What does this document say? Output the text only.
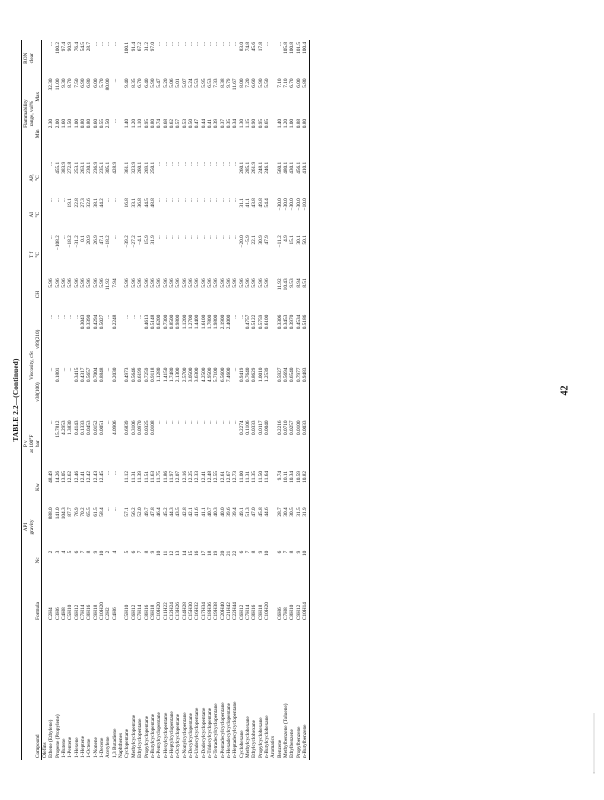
TABLE 2.2—(Continued)

			API		P v								Flammability		RON
			gravity		at 100°F	Viscosity, cSt			T f	AI	AP,		range, vol%		clear
Compound	Formula	Nc		Kw	bar	ν38(100)	ν99(210)	CH	°C	°C	°C		Min	Max	
Olefins															
Ethene (Ethylene)	C2H4	2	888.0	48.49	...	...	...	5.96	...	...	...		2.30	32.30	...
Propene (Propylene)	C3H6	3	141.0	14.26	15.7812	0.1801	...	5.96	−108.2	...	455.1		2.00	11.00	100.2
1-Butene	C4H8	4	104.3	13.05	4.2953	...	...	5.96	...	...	383.9		1.60	9.30	97.4
1-Pentene	C5H10	5	87.7	12.62	1.3830	...	...	5.96	−18.2	19.1	272.8		1.50	8.70	90.9
1-Hexene	C6H12	6	76.9	12.46	0.4143	0.3415	...	5.96	−31.2	22.8	253.1		1.00	7.50	76.4
1-Heptene	C7H14	7	70.2	12.41	0.1333	0.4317	0.3043	5.96	0.1	27.3	263.1		0.80	6.90	54.5
1-Octene	C8H16	8	65.5	12.42	0.0453	0.5657	0.3390	5.96	20.9	32.6	230.1		0.80	6.80	28.7
1-Nonene	C9H18	9	61.5	12.43	0.0152	0.7004	0.4294	5.96	26.9	38.1	236.9		0.60	6.00	...
1-Decene	C10H20	10	58.4	12.45	0.0051	0.8848	0.5027	5.96	47.1	44.2	235.1		0.55	5.70	...
Acetylene	C2H2	2	...	...	...	...	...	11.92	−18.2	...	305.1		2.50	80.00	...
1,3 Butadiene	C4H6	4	...	...	4.0906	0.2030	0.2248	7.94	...	...	428.9		...	...	...
Naphthenes															
Cyclopentane	C5H10	5	57.1	11.12	0.6839	0.4973	...	5.96	−39.2	16.8	361.1		1.40	9.40	100.1
Methylcyclopentane	C6H12	6	56.2	11.31	0.3106	0.5646	...	5.96	−27.2	33.1	323.9		1.20	8.35	91.4
Ethylcyclopentane	C7H14	7	52.0	11.39	0.0970	0.6199	...	5.96	−4.1	36.8	260.1		1.10	6.70	67.2
Propylcyclopentane	C8H16	8	49.7	11.51	0.0325	0.7259	0.4613	5.96	15.9	44.5	269.1		0.95	6.40	31.2
n-Butylcyclopentane	C9H18	9	47.8	11.63	0.0108	0.9118	0.5148	5.96	31.9	48.8	250.1		0.80	5.90	97.0
n-Pentylcyclopentane	C10H20	10	46.4	11.75	...	1.1280	0.6200	5.96	...	...	...		0.74	5.47	...
n-Hexylcyclopentane	C11H22	11	45.2	11.86	...	1.4150	0.7300	5.96	...	...	...		0.68	5.20	...
n-Heptylcyclopentane	C12H24	12	44.3	11.97	...	1.7480	0.8500	5.96	...	...	...		0.62	5.06	...
n-Octylcyclopentane	C13H26	13	43.5	12.07	...	2.1300	0.9800	5.96	...	...	...		0.57	5.01	...
n-Nonylcyclopentane	C14H28	14	42.8	12.16	...	2.5700	1.1200	5.96	...	...	...		0.53	5.07	...
n-Decylcyclopentane	C15H30	15	42.1	12.25	...	3.0500	1.2700	5.96	...	...	...		0.50	5.24	...
n-Undecylcyclopentane	C16H32	16	41.6	12.33	...	3.6300	1.4400	5.96	...	...	...		0.47	5.53	...
n-Dodecylcyclopentane	C17H34	17	41.1	12.41	...	4.2500	1.6100	5.96	...	...	...		0.44	5.95	...
n-Tridecylcyclopentane	C18H36	18	40.7	12.48	...	4.9500	1.7800	5.96	...	...	...		0.41	6.53	...
n-Tetradecylcyclopentane	C19H38	19	40.3	12.55	...	5.7100	1.9800	5.96	...	...	...		0.39	7.33	...
n-Pentadecylcyclopentane	C20H40	20	40.0	12.61	...	6.5600	2.1900	5.96	...	...	...		0.37	8.38	...
n-Hexadecylcyclopentane	C21H42	21	39.6	12.67	...	7.4600	2.4000	5.96	...	...	...		0.35	9.79	...
n-Heptadecylcyclopentane	C22H44	22	39.4	12.73	...	...	...	5.96	...	...	...		0.34	11.67	...
Cyclohexane	C6H12	6	49.1	11.00	0.2274	0.9419	...	5.96	−20.0	31.1	260.1		1.30	8.00	83.0
Methylcyclohexane	C7H14	7	51.3	11.31	0.1106	0.7640	0.4757	5.96	−5.9	41.1	285.1		1.15	7.20	74.8
Ethylcyclohexane	C8H16	8	47.0	11.35	0.0333	0.8629	0.5122	5.96	22.1	43.8	261.9		0.90	6.60	45.6
Propylcyclohexane	C9H18	9	45.8	11.50	0.0117	1.0010	0.5759	5.96	30.9	49.8	248.1		0.95	5.90	17.8
n-Butylcyclohexane	C10H20	10	44.6	11.64	0.0040	1.2539	0.6100	5.96	47.9	54.4	246.1		0.65	5.50	...
Aromatics															
Benzene	C6H6	6	28.7	9.74	0.2216	0.5927	0.3306	11.92	−11.2	−30.0	560.1		1.40	7.10	...
Methylbenzene (Toluene)	C7H8	7	30.4	10.11	0.0710	0.5694	0.3453	10.43	4.9	−30.0	480.1		1.20	7.10	105.8
Ethylbenzene	C8H10	8	30.5	10.34	0.0257	0.6540	0.3970	9.53	15.1	−30.0	430.1		1.00	6.70	100.8
Propylbenzene	C9H12	9	31.5	10.59	0.0100	0.7977	0.4534	8.94	30.1	−30.0	456.1		0.88	6.00	101.5
n-Butylbenzene	C10H14	10	31.9	10.82	0.0033	0.9483	0.5186	8.51	50.1	−10.0	410.1		0.80	5.80	100.4

42
